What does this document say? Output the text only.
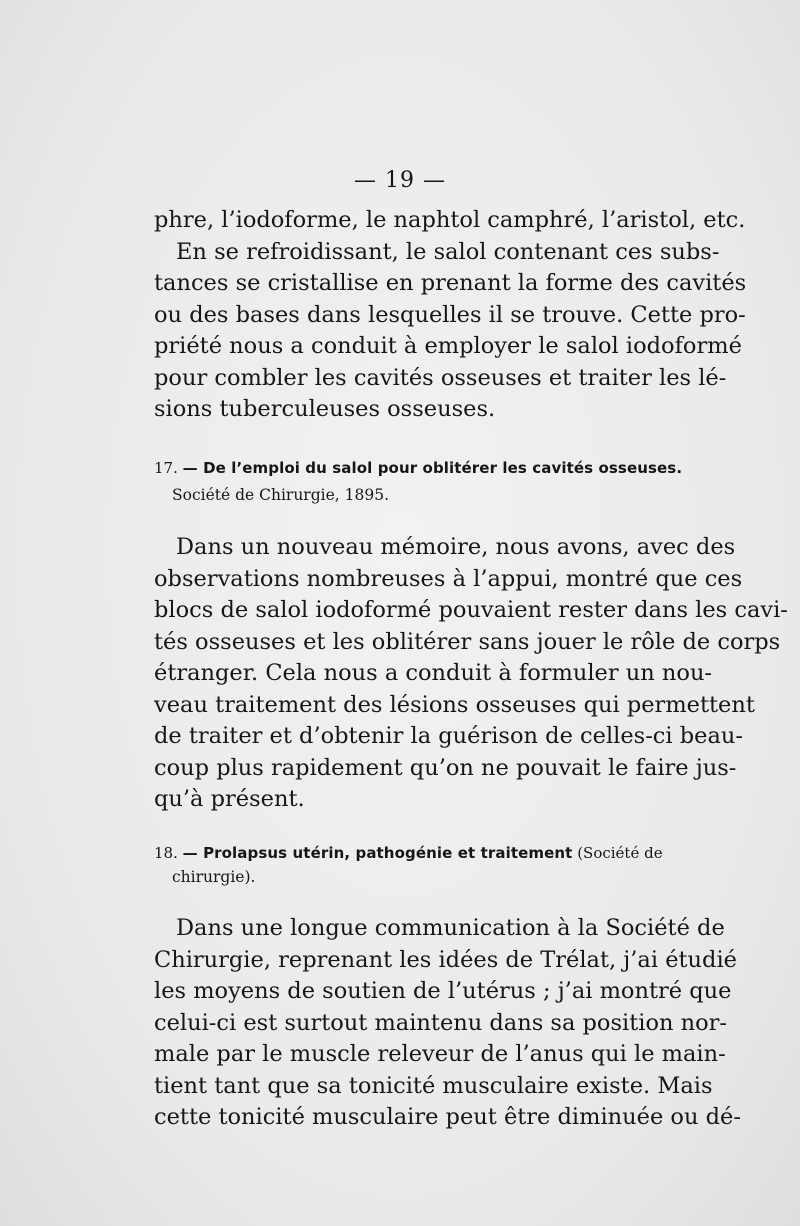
— 19 —
phre, l’iodoforme, le naphtol camphré, l’aristol, etc.
En se refroidissant, le salol contenant ces subs-
tances se cristallise en prenant la forme des cavités
ou des bases dans lesquelles il se trouve. Cette pro-
priété nous a conduit à employer le salol iodoformé
pour combler les cavités osseuses et traiter les lé-
sions tuberculeuses osseuses.
17. — De l’emploi du salol pour oblitérer les cavités osseuses.
Société de Chirurgie, 1895.
Dans un nouveau mémoire, nous avons, avec des
observations nombreuses à l’appui, montré que ces
blocs de salol iodoformé pouvaient rester dans les cavi-
tés osseuses et les oblitérer sans jouer le rôle de corps
étranger. Cela nous a conduit à formuler un nou-
veau traitement des lésions osseuses qui permettent
de traiter et d’obtenir la guérison de celles-ci beau-
coup plus rapidement qu’on ne pouvait le faire jus-
qu’à présent.
18. — Prolapsus utérin, pathogénie et traitement (Société de
chirurgie).
Dans une longue communication à la Société de
Chirurgie, reprenant les idées de Trélat, j’ai étudié
les moyens de soutien de l’utérus ; j’ai montré que
celui-ci est surtout maintenu dans sa position nor-
male par le muscle releveur de l’anus qui le main-
tient tant que sa tonicité musculaire existe. Mais
cette tonicité musculaire peut être diminuée ou dé-
